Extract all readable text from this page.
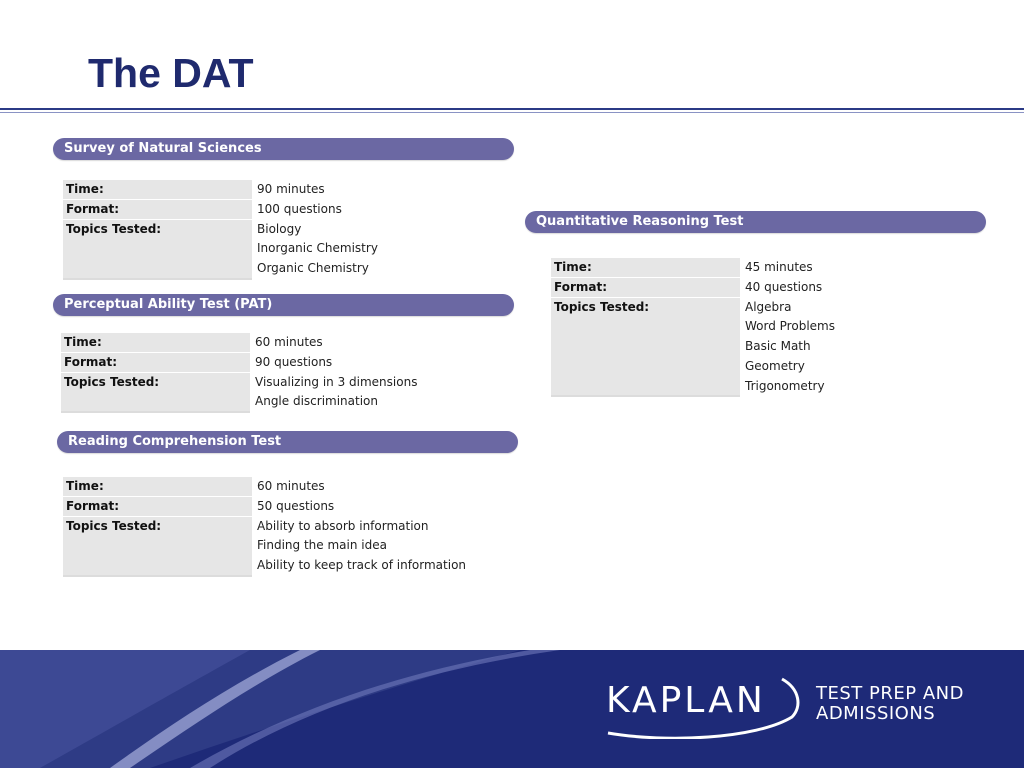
The DAT
Survey of Natural Sciences
Time:	90 minutes
Format:	100 questions
Topics Tested:	Biology
Inorganic Chemistry
Organic Chemistry
Perceptual Ability Test (PAT)
Time:	60 minutes
Format:	90 questions
Topics Tested:	Visualizing in 3 dimensions
Angle discrimination
Reading Comprehension Test
Time:	60 minutes
Format:	50 questions
Topics Tested:	Ability to absorb information
Finding the main idea
Ability to keep track of information
Quantitative Reasoning Test
Time:	45 minutes
Format:	40 questions
Topics Tested:	Algebra
Word Problems
Basic Math
Geometry
Trigonometry
KAPLAN	TEST PREP AND
ADMISSIONS
